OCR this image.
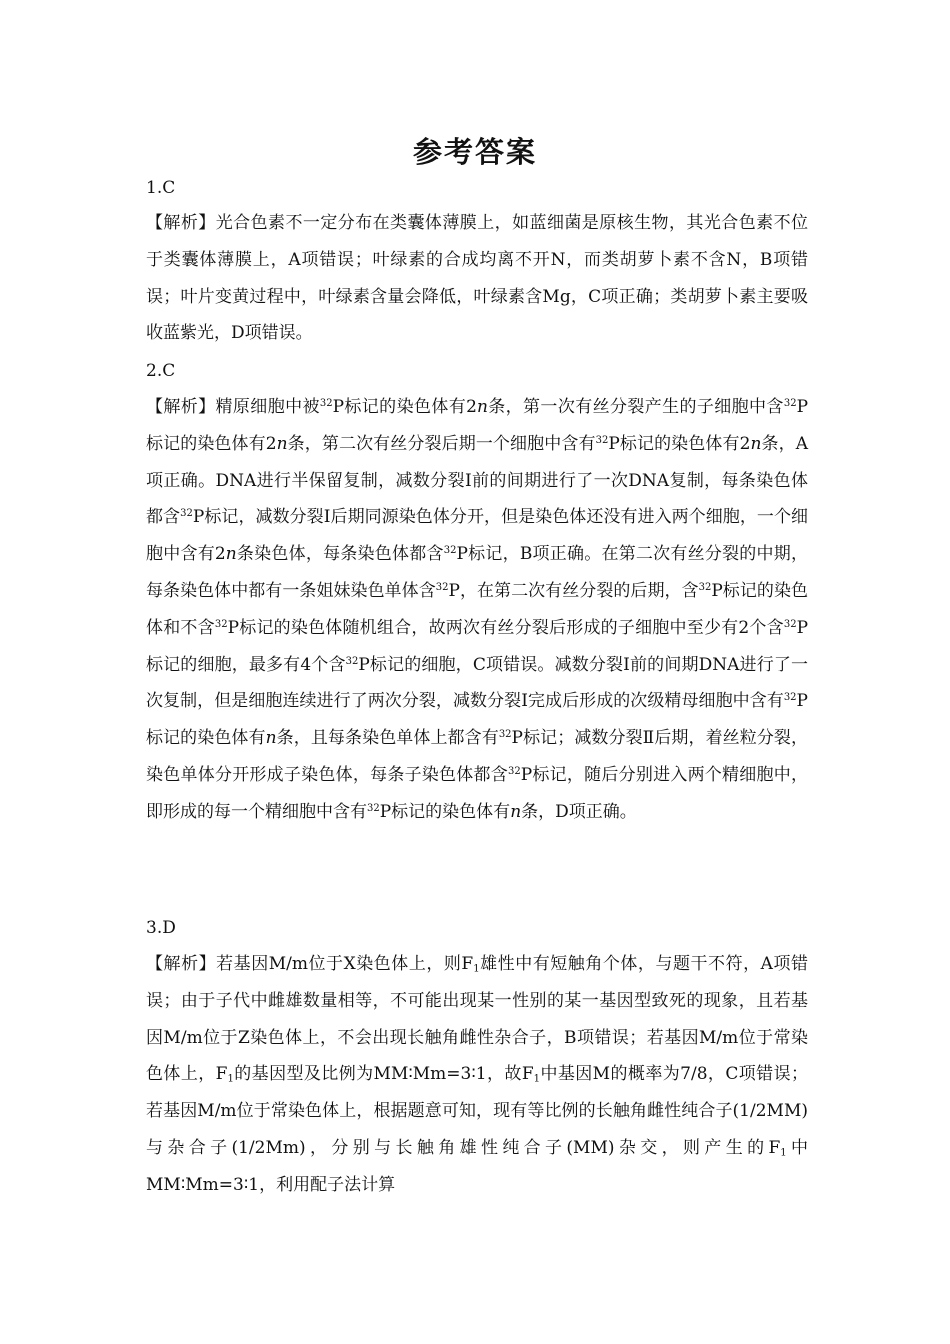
参考答案
1.C

【解析】光合色素不一定分布在类囊体薄膜上，如蓝细菌是原核生物，其光合色素不位于类囊体薄膜上，A项错误；叶绿素的合成均离不开N，而类胡萝卜素不含N，B项错误；叶片变黄过程中，叶绿素含量会降低，叶绿素含Mg，C项正确；类胡萝卜素主要吸收蓝紫光，D项错误。

2.C

【解析】精原细胞中被$^{32}$P标记的染色体有2n条，第一次有丝分裂产生的子细胞中含$^{32}$P标记的染色体有2n条，第二次有丝分裂后期一个细胞中含有$^{32}$P标记的染色体有2n条，A项正确。DNA进行半保留复制，减数分裂Ⅰ前的间期进行了一次DNA复制，每条染色体都含$^{32}$P标记，减数分裂Ⅰ后期同源染色体分开，但是染色体还没有进入两个细胞，一个细胞中含有2n条染色体，每条染色体都含$^{32}$P标记，B项正确。在第二次有丝分裂的中期，每条染色体中都有一条姐妹染色单体含$^{32}$P，在第二次有丝分裂的后期，含$^{32}$P标记的染色体和不含$^{32}$P标记的染色体随机组合，故两次有丝分裂后形成的子细胞中至少有2个含$^{32}$P标记的细胞，最多有4个含$^{32}$P标记的细胞，C项错误。减数分裂Ⅰ前的间期DNA进行了一次复制，但是细胞连续进行了两次分裂，减数分裂Ⅰ完成后形成的次级精母细胞中含有$^{32}$P标记的染色体有n条，且每条染色单体上都含有$^{32}$P标记；减数分裂Ⅱ后期，着丝粒分裂，染色单体分开形成子染色体，每条子染色体都含$^{32}$P标记，随后分别进入两个精细胞中，即形成的每一个精细胞中含有$^{32}$P标记的染色体有n条，D项正确。

3.D

【解析】若基因M/m位于X染色体上，则$F_1$雄性中有短触角个体，与题干不符，A项错误；由于子代中雌雄数量相等，不可能出现某一性别的某一基因型致死的现象，且若基因M/m位于Z染色体上，不会出现长触角雌性杂合子，B项错误；若基因M/m位于常染色体上，$F_1$的基因型及比例为MM∶Mm=3∶1，故$F_1$中基因M的概率为7/8，C项错误；若基因M/m位于常染色体上，根据题意可知，现有等比例的长触角雌性纯合子(1/2MM)与杂合子(1/2Mm)，分别与长触角雄性纯合子(MM)杂交，则产生的$F_1$中MM∶Mm=3∶1，利用配子法计算
